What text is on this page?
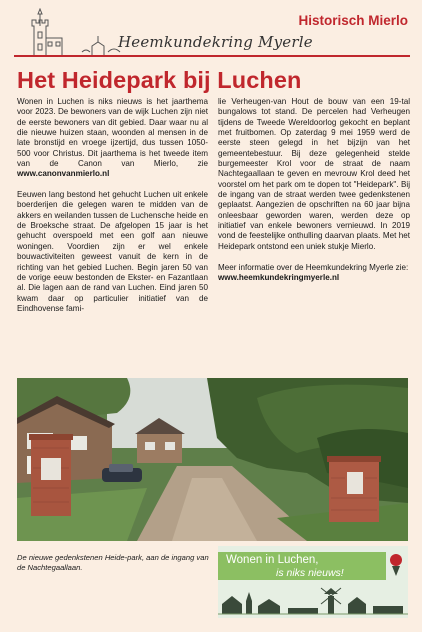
Heemkundekring Myerle
Historisch Mierlo
Het Heidepark bij Luchen

Wonen in Luchen is niks nieuws is het jaarthema voor 2023. De bewoners van de wijk Luchen zijn niet de eerste bewoners van dit gebied. Daar waar nu al die nieuwe huizen staan, woonden al mensen in de late bronstijd en vroege ijzertijd, dus tussen 1050-500 voor Christus. Dit jaarthema is het tweede item van de Canon van Mierlo, zie www.canonvanmierlo.nl

Eeuwen lang bestond het gehucht Luchen uit enkele boerderijen die gelegen waren te midden van de akkers en weilanden tussen de Luchensche heide en de Broeksche straat. De afgelopen 15 jaar is het gehucht overspoeld met een golf aan nieuwe woningen. Voordien zijn er wel enkele bouwactiviteiten geweest vanuit de kern in de richting van het gebied Luchen. Begin jaren 50 van de vorige eeuw bestonden de Ekster- en Fazantlaan al. Die lagen aan de rand van Luchen. Eind jaren 50 kwam daar op particulier initiatief van de Eindhovense fami-

lie Verheugen-van Hout de bouw van een 19-tal bungalows tot stand. De percelen had Verheugen tijdens de Tweede Wereldoorlog gekocht en beplant met fruitbomen. Op zaterdag 9 mei 1959 werd de eerste steen gelegd in het bijzijn van het gemeentebestuur. Bij deze gelegenheid stelde burgemeester Krol voor de straat de naam Nachtegaallaan te geven en mevrouw Krol deed het voorstel om het park om te dopen tot "Heidepark". Bij de ingang van de straat werden twee gedenkstenen geplaatst. Aangezien de opschriften na 60 jaar bijna onleesbaar geworden waren, werden deze op initiatief van enkele bewoners vernieuwd. In 2019 vond de feestelijke onthulling daarvan plaats. Met het Heidepark ontstond een uniek stukje Mierlo.

Meer informatie over de Heemkundekring Myerle zie:
www.heemkundekringmyerle.nl

De nieuwe gedenkstenen Heide-park, aan de ingang van de Nachtegaallaan.
Wonen in Luchen,
is niks nieuws!
